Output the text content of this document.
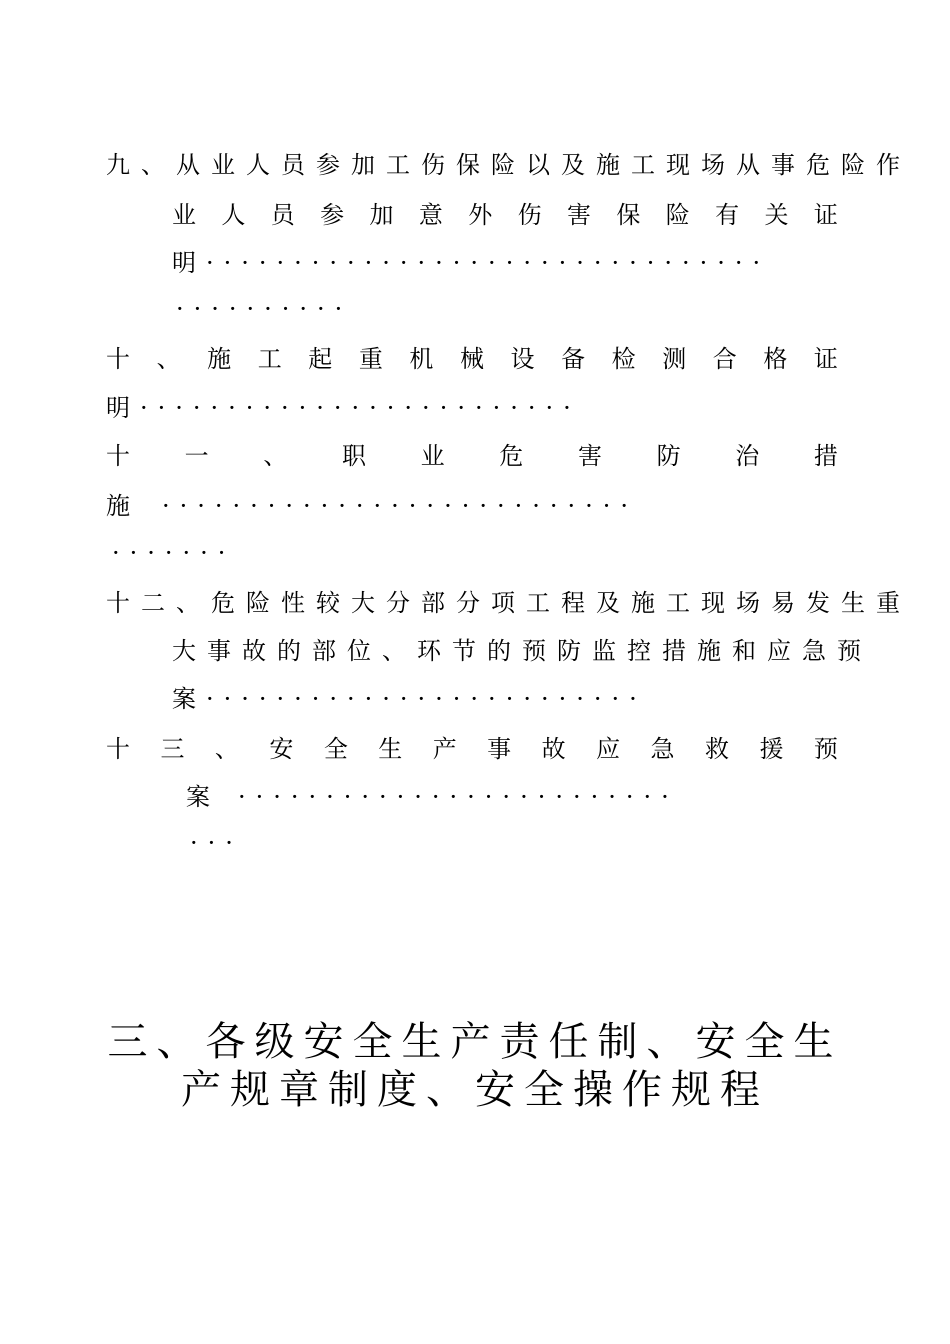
九、从业人员参加工伤保险以及施工现场从事危险作
业 人 员 参 加 意 外 伤 害 保 险 有 关 证
明································
··········
十 、 施 工 起 重 机 械 设 备 检 测 合 格 证
明·························
十 一 、 职 业 危 害 防 治 措
施 ···························
·······
十二、危险性较大分部分项工程及施工现场易发生重
大事故的部位、环节的预防监控措施和应急预
案·························
十 三 、 安 全 生 产 事 故 应 急 救 援 预
案 ·························
···
三、各级安全生产责任制、安全生
产规章制度、安全操作规程
